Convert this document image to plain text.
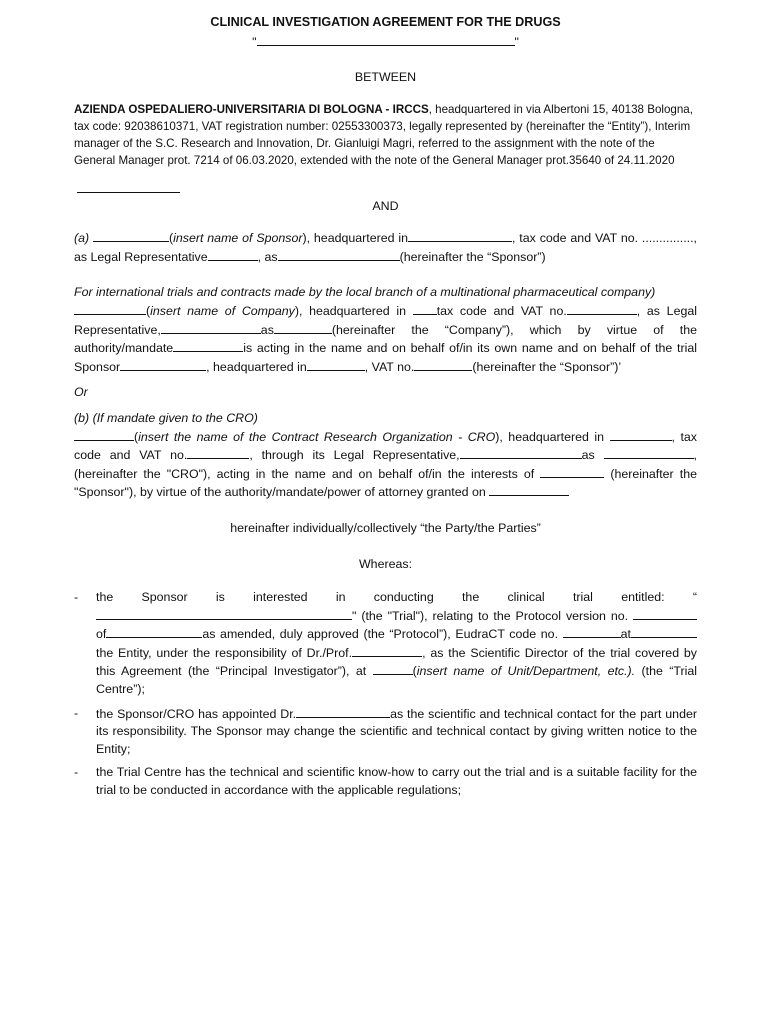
CLINICAL INVESTIGATION AGREEMENT FOR THE DRUGS
"	"

BETWEEN

AZIENDA OSPEDALIERO-UNIVERSITARIA DI BOLOGNA - IRCCS, headquartered in via Albertoni 15, 40138 Bologna, tax code: 92038610371, VAT registration number: 02553300373, legally represented by (hereinafter the “Entity”), Interim manager of the S.C. Research and Innovation, Dr. Gianluigi Magri, referred to the assignment with the note of the General Manager prot. 7214 of 06.03.2020, extended with the note of the General Manager prot.35640 of 24.11.2020

AND

(a)	(insert name of Sponsor), headquartered in	, tax code and VAT no. ..............., as Legal Representative	, as	(hereinafter the “Sponsor”)

For international trials and contracts made by the local branch of a multinational pharmaceutical company)
(insert name of Company), headquartered in tax code and VAT no.	, as Legal Representative,	as	(hereinafter the “Company”), which by virtue of the authority/mandate	is acting in the name and on behalf of/in its own name and on behalf of the trial Sponsor	, headquartered in	, VAT no.	(hereinafter the “Sponsor”)’

Or

(b) (If mandate given to the CRO)
(insert the name of the Contract Research Organization - CRO), headquartered in	, tax code and VAT no.	, through its Legal Representative,	as	, (hereinafter the "CRO"), acting in the name and on behalf of/in the interests of	(hereinafter the "Sponsor"), by virtue of the authority/mandate/power of attorney granted on

hereinafter individually/collectively “the Party/the Parties”

Whereas:

- the Sponsor is interested in conducting the clinical trial entitled: “" (the "Trial"), relating to the Protocol version no.  of	as amended, duly approved (the “Protocol”), EudraCT code no.	atthe Entity, under the responsibility of Dr./Prof.	, as the Scientific Director of the trial covered by this Agreement (the “Principal Investigator”), at	(insert name of Unit/Department, etc.). (the “Trial Centre”);
- the Sponsor/CRO has appointed Dr.	as the scientific and technical contact for the part under its responsibility. The Sponsor may change the scientific and technical contact by giving written notice to the Entity;
- the Trial Centre has the technical and scientific know-how to carry out the trial and is a suitable facility for the trial to be conducted in accordance with the applicable regulations;
